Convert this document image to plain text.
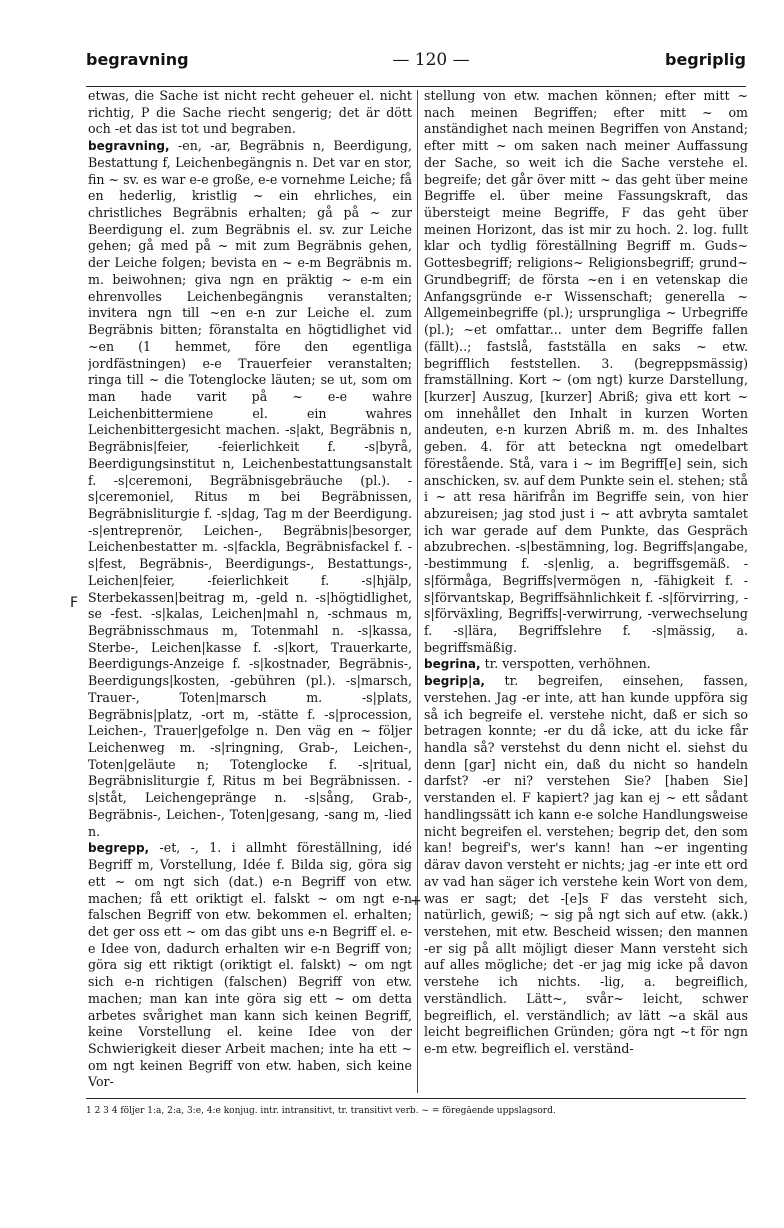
begravning	— 120 —	begriplig
F
+

etwas, die Sache ist nicht recht geheuer el. nicht richtig, P die Sache riecht sengerig; det är dött och -et das ist tot und begraben.

begravning, -en, -ar, Begräbnis n, Beerdigung, Bestattung f, Leichenbegängnis n. Det var en stor, fin ~ sv. es war e-e große, e-e vornehme Leiche; få en hederlig, kristlig ~ ein ehrliches, ein christliches Begräbnis erhalten; gå på ~ zur Beerdigung el. zum Begräbnis el. sv. zur Leiche gehen; gå med på ~ mit zum Begräbnis gehen, der Leiche folgen; bevista en ~ e-m Begräbnis m. m. beiwohnen; giva ngn en präktig ~ e-m ein ehrenvolles Leichenbegängnis veranstalten; invitera ngn till ~en e-n zur Leiche el. zum Begräbnis bitten; föranstalta en högtidlighet vid ~en (1 hemmet, före den egentliga jordfästningen) e-e Trauerfeier veranstalten; ringa till ~ die Totenglocke läuten; se ut, som om man hade varit på ~ e-e wahre Leichenbittermiene el. ein wahres Leichenbittergesicht machen. -s|akt, Begräbnis n, Begräbnis|feier, -feierlichkeit f. -s|byrå, Beerdigungsinstitut n, Leichenbestattungsanstalt f. -s|ceremoni, Begräbnisgebräuche (pl.). -s|ceremoniel, Ritus m bei Begräbnissen, Begräbnisliturgie f. -s|dag, Tag m der Beerdigung. -s|entreprenör, Leichen-, Begräbnis|besorger, Leichenbestatter m. -s|fackla, Begräbnisfackel f. -s|fest, Begräbnis-, Beerdigungs-, Bestattungs-, Leichen|feier, -feierlichkeit f. -s|hjälp, Sterbekassen|beitrag m, -geld n. -s|högtidlighet, se -fest. -s|kalas, Leichen|mahl n, -schmaus m, Begräbnisschmaus m, Totenmahl n. -s|kassa, Sterbe-, Leichen|kasse f. -s|kort, Trauerkarte, Beerdigungs-Anzeige f. -s|kostnader, Begräbnis-, Beerdigungs|kosten, -gebühren (pl.). -s|marsch, Trauer-, Toten|marsch m. -s|plats, Begräbnis|platz, -ort m, -stätte f. -s|procession, Leichen-, Trauer|gefolge n. Den väg en ~ följer Leichenweg m. -s|ringning, Grab-, Leichen-, Toten|geläute n; Totenglocke f. -s|ritual, Begräbnisliturgie f, Ritus m bei Begräbnissen. -s|ståt, Leichengepränge n. -s|sång, Grab-, Begräbnis-, Leichen-, Toten|gesang, -sang m, -lied n.

begrepp, -et, -, 1. i allmht föreställning, idé Begriff m, Vorstellung, Idée f. Bilda sig, göra sig ett ~ om ngt sich (dat.) e-n Begriff von etw. machen; få ett oriktigt el. falskt ~ om ngt e-n falschen Begriff von etw. bekommen el. erhalten; det ger oss ett ~ om das gibt uns e-n Begriff el. e-e Idee von, dadurch erhalten wir e-n Begriff von; göra sig ett riktigt (oriktigt el. falskt) ~ om ngt sich e-n richtigen (falschen) Begriff von etw. machen; man kan inte göra sig ett ~ om detta arbetes svårighet man kann sich keinen Begriff, keine Vorstellung el. keine Idee von der Schwierigkeit dieser Arbeit machen; inte ha ett ~ om ngt keinen Begriff von etw. haben, sich keine Vor-

stellung von etw. machen können; efter mitt ~ nach meinen Begriffen; efter mitt ~ om anständighet nach meinen Begriffen von Anstand; efter mitt ~ om saken nach meiner Auffassung der Sache, so weit ich die Sache verstehe el. begreife; det går över mitt ~ das geht über meine Begriffe el. über meine Fassungskraft, das übersteigt meine Begriffe, F das geht über meinen Horizont, das ist mir zu hoch. 2. log. fullt klar och tydlig föreställning Begriff m. Guds~ Gottesbegriff; religions~ Religionsbegriff; grund~ Grundbegriff; de första ~en i en vetenskap die Anfangsgründe e-r Wissenschaft; generella ~ Allgemeinbegriffe (pl.); ursprungliga ~ Urbegriffe (pl.); ~et omfattar... unter dem Begriffe fallen (fällt)..; fastslå, fastställa en saks ~ etw. begrifflich feststellen. 3. (begreppsmässig) framställning. Kort ~ (om ngt) kurze Darstellung, [kurzer] Auszug, [kurzer] Abriß; giva ett kort ~ om innehållet den Inhalt in kurzen Worten andeuten, e-n kurzen Abriß m. m. des Inhaltes geben. 4. för att beteckna ngt omedelbart förestående. Stå, vara i ~ im Begriff[e] sein, sich anschicken, sv. auf dem Punkte sein el. stehen; stå i ~ att resa härifrån im Begriffe sein, von hier abzureisen; jag stod just i ~ att avbryta samtalet ich war gerade auf dem Punkte, das Gespräch abzubrechen. -s|bestämning, log. Begriffs|angabe, -bestimmung f. -s|enlig, a. begriffsgemäß. -s|förmåga, Begriffs|vermögen n, -fähigkeit f. -s|förvantskap, Begriffsähnlichkeit f. -s|förvirring, -s|förväxling, Begriffs|-verwirrung, -verwechselung f. -s|lära, Begriffslehre f. -s|mässig, a. begriffsmäßig.

begrina, tr. verspotten, verhöhnen.

begrip|a, tr. begreifen, einsehen, fassen, verstehen. Jag -er inte, att han kunde uppföra sig så ich begreife el. verstehe nicht, daß er sich so betragen konnte; -er du då icke, att du icke får handla så? verstehst du denn nicht el. siehst du denn [gar] nicht ein, daß du nicht so handeln darfst? -er ni? verstehen Sie? [haben Sie] verstanden el. F kapiert? jag kan ej ~ ett sådant handlingssätt ich kann e-e solche Handlungsweise nicht begreifen el. verstehen; begrip det, den som kan! begreif's, wer's kann! han ~er ingenting därav davon versteht er nichts; jag -er inte ett ord av vad han säger ich verstehe kein Wort von dem, was er sagt; det -[e]s F das versteht sich, natürlich, gewiß; ~ sig på ngt sich auf etw. (akk.) verstehen, mit etw. Bescheid wissen; den mannen -er sig på allt möjligt dieser Mann versteht sich auf alles mögliche; det -er jag mig icke på davon verstehe ich nichts. -lig, a. begreiflich, verständlich. Lätt~, svår~ leicht, schwer begreiflich, el. verständlich; av lätt ~a skäl aus leicht begreiflichen Gründen; göra ngt ~t för ngn e-m etw. begreiflich el. verständ-

1 2 3 4 följer 1:a, 2:a, 3:e, 4:e konjug. intr. intransitivt, tr. transitivt verb. ~ = föregående uppslagsord.
